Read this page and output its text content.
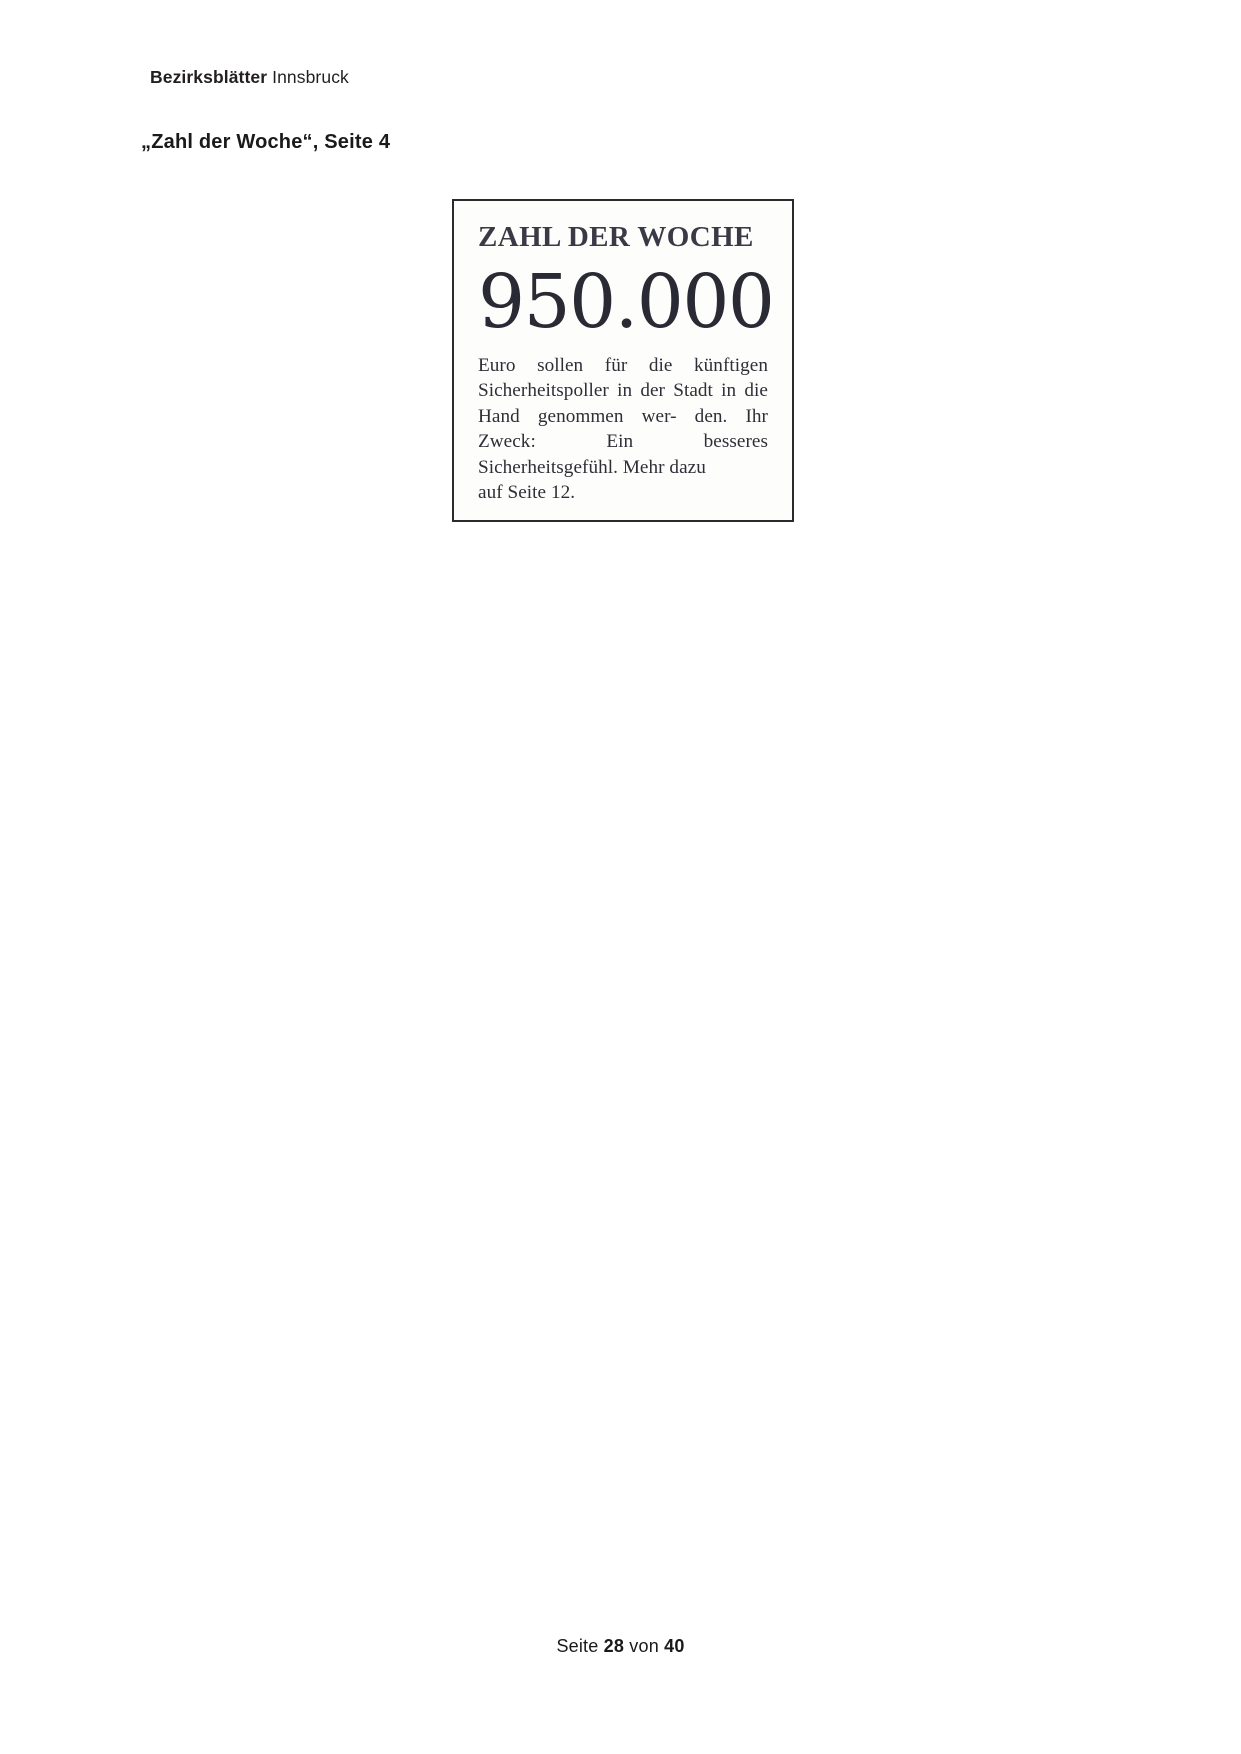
Bezirksblätter Innsbruck
„Zahl der Woche“, Seite 4
ZAHL DER WOCHE
950.000
Euro sollen für die künftigen Sicherheitspoller in der Stadt in die Hand genommen wer- den. Ihr Zweck: Ein besseres Sicherheitsgefühl. Mehr dazu
auf Seite 12.
Seite 28 von 40
